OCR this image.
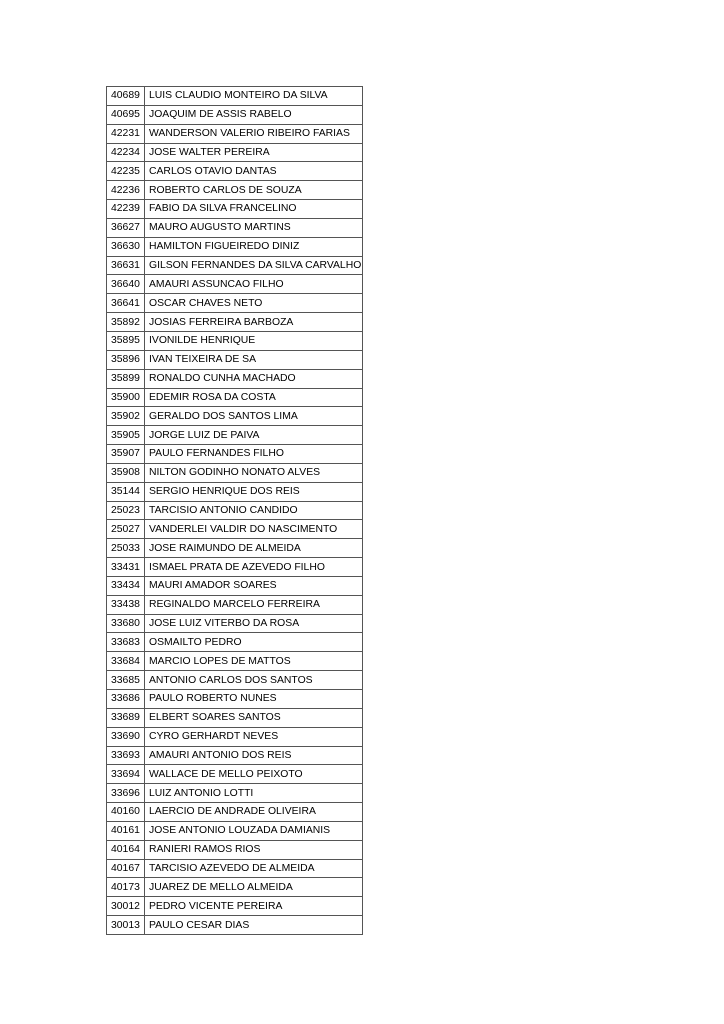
40689	LUIS CLAUDIO MONTEIRO DA SILVA
40695	JOAQUIM DE ASSIS RABELO
42231	WANDERSON VALERIO RIBEIRO FARIAS
42234	JOSE WALTER PEREIRA
42235	CARLOS OTAVIO DANTAS
42236	ROBERTO CARLOS DE SOUZA
42239	FABIO DA SILVA FRANCELINO
36627	MAURO AUGUSTO MARTINS
36630	HAMILTON FIGUEIREDO DINIZ
36631	GILSON FERNANDES DA SILVA CARVALHO
36640	AMAURI ASSUNCAO FILHO
36641	OSCAR CHAVES NETO
35892	JOSIAS FERREIRA BARBOZA
35895	IVONILDE HENRIQUE
35896	IVAN TEIXEIRA DE SA
35899	RONALDO CUNHA MACHADO
35900	EDEMIR ROSA DA COSTA
35902	GERALDO DOS SANTOS LIMA
35905	JORGE LUIZ DE PAIVA
35907	PAULO FERNANDES FILHO
35908	NILTON GODINHO NONATO ALVES
35144	SERGIO HENRIQUE DOS REIS
25023	TARCISIO ANTONIO CANDIDO
25027	VANDERLEI VALDIR DO NASCIMENTO
25033	JOSE RAIMUNDO DE ALMEIDA
33431	ISMAEL PRATA DE AZEVEDO FILHO
33434	MAURI AMADOR SOARES
33438	REGINALDO MARCELO FERREIRA
33680	JOSE LUIZ VITERBO DA ROSA
33683	OSMAILTO PEDRO
33684	MARCIO LOPES DE MATTOS
33685	ANTONIO CARLOS DOS SANTOS
33686	PAULO ROBERTO NUNES
33689	ELBERT SOARES SANTOS
33690	CYRO GERHARDT NEVES
33693	AMAURI ANTONIO DOS REIS
33694	WALLACE DE MELLO PEIXOTO
33696	LUIZ ANTONIO LOTTI
40160	LAERCIO DE ANDRADE OLIVEIRA
40161	JOSE ANTONIO LOUZADA DAMIANIS
40164	RANIERI RAMOS RIOS
40167	TARCISIO AZEVEDO DE ALMEIDA
40173	JUAREZ DE MELLO ALMEIDA
30012	PEDRO VICENTE PEREIRA
30013	PAULO CESAR DIAS
